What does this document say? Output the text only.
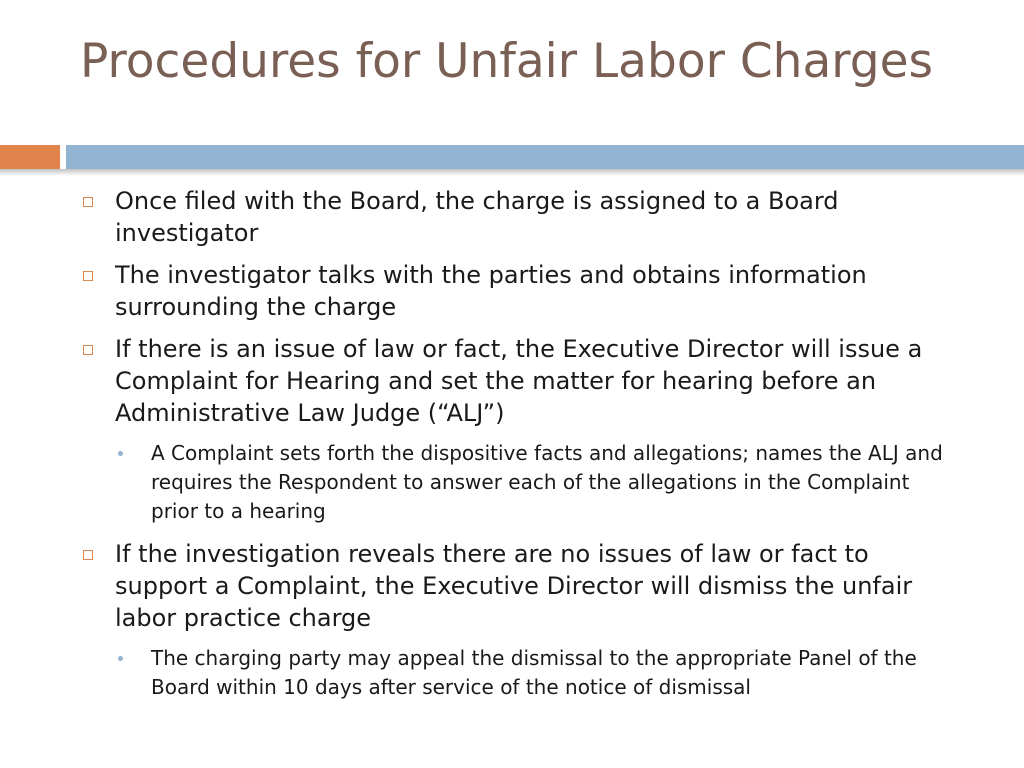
Procedures for Unfair Labor Charges
Once filed with the Board, the charge is assigned to a Board investigator
The investigator talks with the parties and obtains information surrounding the charge
If there is an issue of law or fact, the Executive Director will issue a Complaint for Hearing and set the matter for hearing before an Administrative Law Judge (“ALJ”)
A Complaint sets forth the dispositive facts and allegations; names the ALJ and requires the Respondent to answer each of the allegations in the Complaint prior to a hearing
If the investigation reveals there are no issues of law or fact to support a Complaint, the Executive Director will dismiss the unfair labor practice charge
The charging party may appeal the dismissal to the appropriate Panel of the Board within 10 days after service of the notice of dismissal
